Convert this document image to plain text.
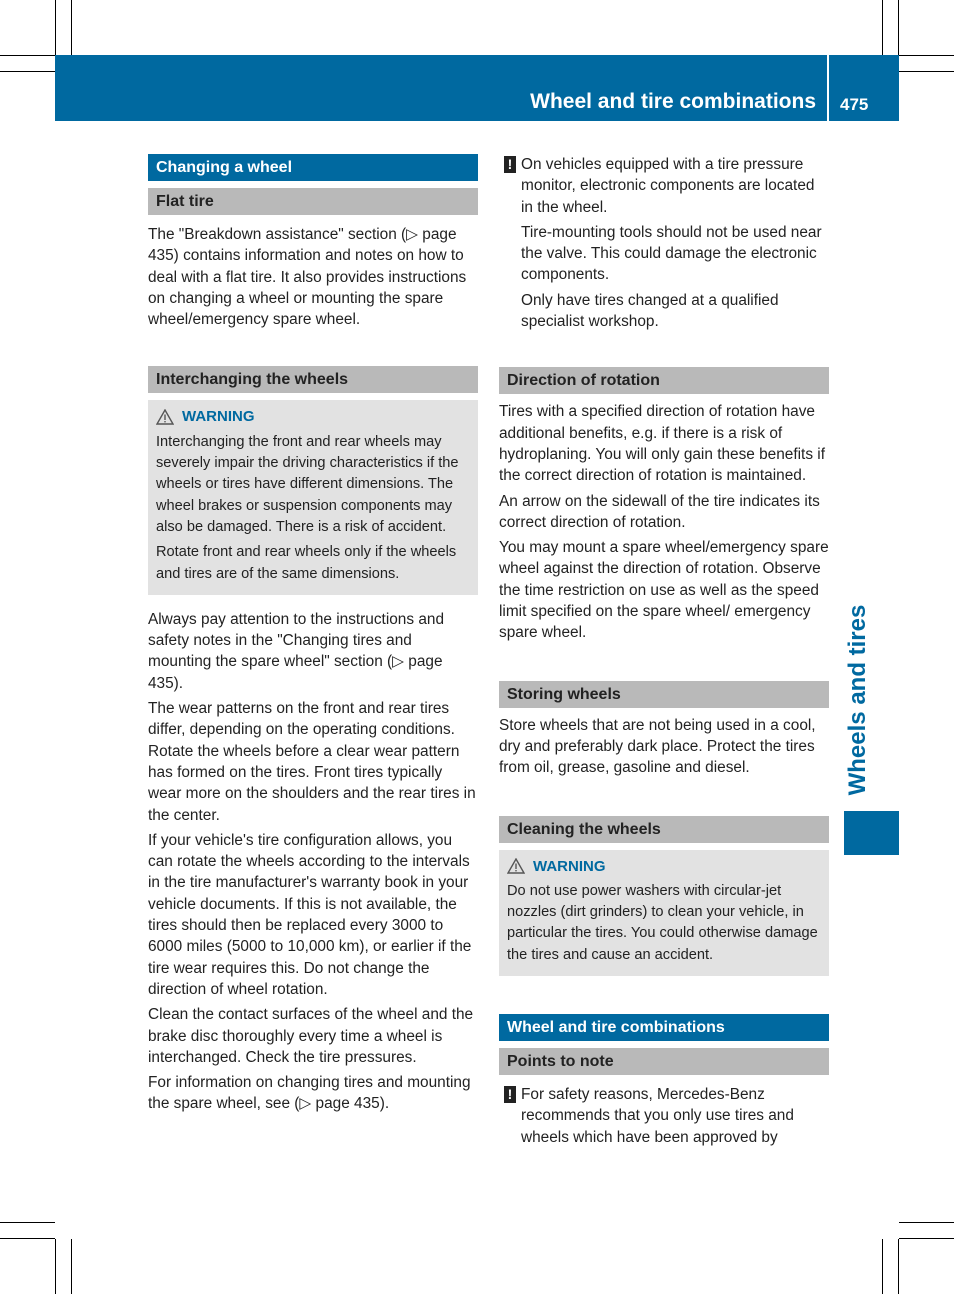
Wheel and tire combinations 475
Wheels and tires
Changing a wheel
Flat tire

The "Breakdown assistance" section (▷ page 435) contains information and notes on how to deal with a flat tire. It also provides instructions on changing a wheel or mounting the spare wheel/emergency spare wheel.

Interchanging the wheels
WARNING

Interchanging the front and rear wheels may severely impair the driving characteristics if the wheels or tires have different dimensions. The wheel brakes or suspension components may also be damaged. There is a risk of accident.

Rotate front and rear wheels only if the wheels and tires are of the same dimensions.

Always pay attention to the instructions and safety notes in the "Changing tires and mounting the spare wheel" section (▷ page 435).

The wear patterns on the front and rear tires differ, depending on the operating conditions. Rotate the wheels before a clear wear pattern has formed on the tires. Front tires typically wear more on the shoulders and the rear tires in the center.

If your vehicle's tire configuration allows, you can rotate the wheels according to the intervals in the tire manufacturer's warranty book in your vehicle documents. If this is not available, the tires should then be replaced every 3000 to 6000 miles (5000 to 10,000 km), or earlier if the tire wear requires this. Do not change the direction of wheel rotation.

Clean the contact surfaces of the wheel and the brake disc thoroughly every time a wheel is interchanged. Check the tire pressures.

For information on changing tires and mounting the spare wheel, see (▷ page 435).

! On vehicles equipped with a tire pressure monitor, electronic components are located in the wheel.

Tire-mounting tools should not be used near the valve. This could damage the electronic components.

Only have tires changed at a qualified specialist workshop.

Direction of rotation

Tires with a specified direction of rotation have additional benefits, e.g. if there is a risk of hydroplaning. You will only gain these benefits if the correct direction of rotation is maintained.

An arrow on the sidewall of the tire indicates its correct direction of rotation.

You may mount a spare wheel/emergency spare wheel against the direction of rotation. Observe the time restriction on use as well as the speed limit specified on the spare wheel/ emergency spare wheel.

Storing wheels

Store wheels that are not being used in a cool, dry and preferably dark place. Protect the tires from oil, grease, gasoline and diesel.

Cleaning the wheels
WARNING

Do not use power washers with circular-jet nozzles (dirt grinders) to clean your vehicle, in particular the tires. You could otherwise damage the tires and cause an accident.

Wheel and tire combinations
Points to note
! For safety reasons, Mercedes-Benz recommends that you only use tires and wheels which have been approved by
